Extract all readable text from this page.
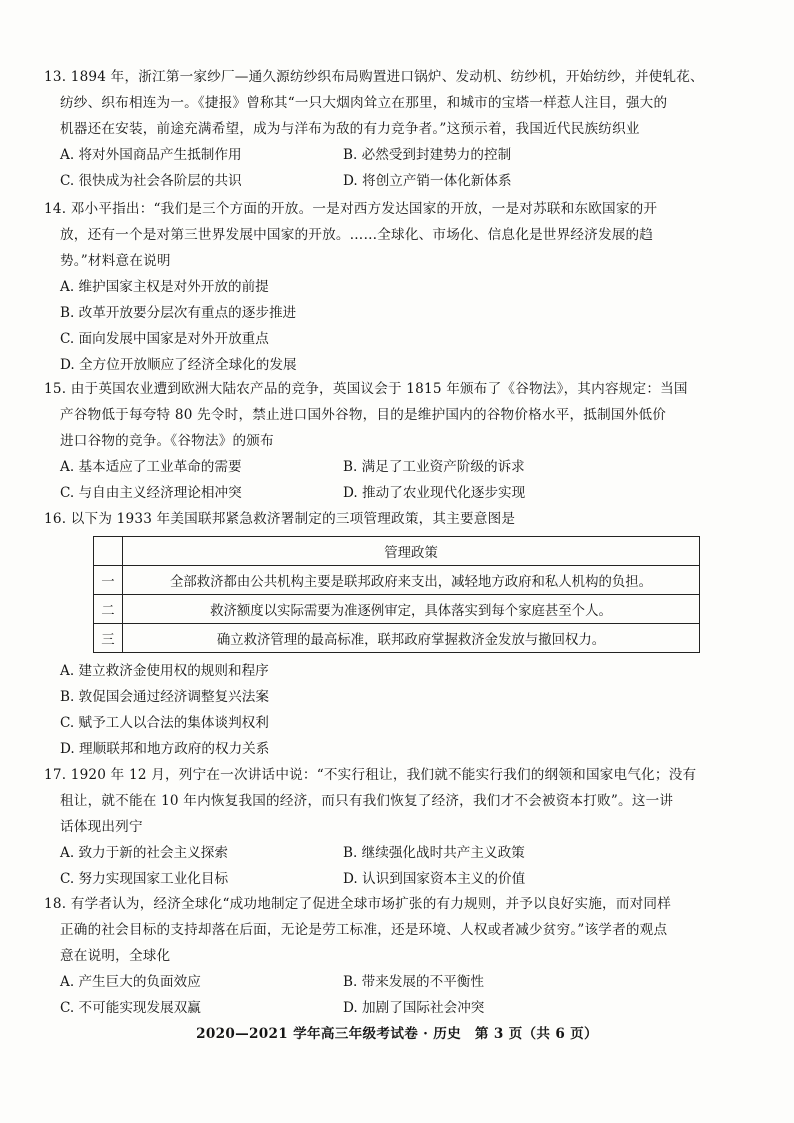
13. 1894 年，浙江第一家纱厂—通久源纺纱织布局购置进口锅炉、发动机、纺纱机，开始纺纱，并使轧花、
纺纱、织布相连为一。《捷报》曾称其“一只大烟肉耸立在那里，和城市的宝塔一样惹人注目，强大的
机器还在安装，前途充满希望，成为与洋布为敌的有力竞争者。”这预示着，我国近代民族纺织业
A. 将对外国商品产生抵制作用	B. 必然受到封建势力的控制
C. 很快成为社会各阶层的共识	D. 将创立产销一体化新体系
14. 邓小平指出：“我们是三个方面的开放。一是对西方发达国家的开放，一是对苏联和东欧国家的开
放，还有一个是对第三世界发展中国家的开放。……全球化、市场化、信息化是世界经济发展的趋
势。”材料意在说明
A. 维护国家主权是对外开放的前提
B. 改革开放要分层次有重点的逐步推进
C. 面向发展中国家是对外开放重点
D. 全方位开放顺应了经济全球化的发展
15. 由于英国农业遭到欧洲大陆农产品的竞争，英国议会于 1815 年颁布了《谷物法》，其内容规定：当国
产谷物低于每夸特 80 先令时，禁止进口国外谷物，目的是维护国内的谷物价格水平，抵制国外低价
进口谷物的竞争。《谷物法》的颁布
A. 基本适应了工业革命的需要	B. 满足了工业资产阶级的诉求
C. 与自由主义经济理论相冲突	D. 推动了农业现代化逐步实现
16. 以下为 1933 年美国联邦紧急救济署制定的三项管理政策，其主要意图是
	管理政策
一	全部救济都由公共机构主要是联邦政府来支出，减轻地方政府和私人机构的负担。
二	救济额度以实际需要为准逐例审定，具体落实到每个家庭甚至个人。
三	确立救济管理的最高标准，联邦政府掌握救济金发放与撤回权力。
A. 建立救济金使用权的规则和程序
B. 敦促国会通过经济调整复兴法案
C. 赋予工人以合法的集体谈判权利
D. 理顺联邦和地方政府的权力关系
17. 1920 年 12 月，列宁在一次讲话中说：“不实行租让，我们就不能实行我们的纲领和国家电气化；没有
租让，就不能在 10 年内恢复我国的经济，而只有我们恢复了经济，我们才不会被资本打败”。这一讲
话体现出列宁
A. 致力于新的社会主义探索	B. 继续强化战时共产主义政策
C. 努力实现国家工业化目标	D. 认识到国家资本主义的价值
18. 有学者认为，经济全球化“成功地制定了促进全球市场扩张的有力规则，并予以良好实施，而对同样
正确的社会目标的支持却落在后面，无论是劳工标准，还是环境、人权或者减少贫穷。”该学者的观点
意在说明，全球化
A. 产生巨大的负面效应	B. 带来发展的不平衡性
C. 不可能实现发展双赢	D. 加剧了国际社会冲突
2020—2021 学年高三年级考试卷 · 历史　第 3 页（共 6 页）
